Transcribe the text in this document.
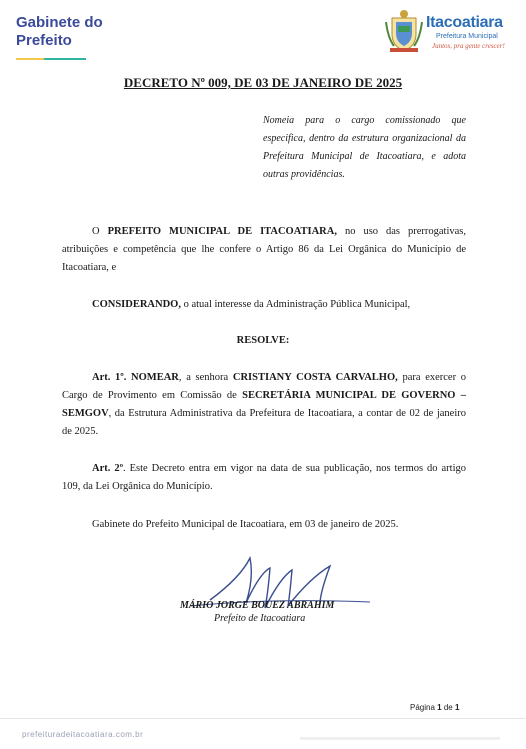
Gabinete do
Prefeito
Itacoatiara
Prefeitura Municipal
Juntos, pra gente crescer!
DECRETO Nº 009, DE 03 DE JANEIRO DE 2025
Nomeia para o cargo comissionado que especifica, dentro da estrutura organizacional da Prefeitura Municipal de Itacoatiara, e adota outras providências.
O PREFEITO MUNICIPAL DE ITACOATIARA, no uso das prerrogativas, atribuições e competência que lhe confere o Artigo 86 da Lei Orgânica do Município de Itacoatiara, e
CONSIDERANDO, o atual interesse da Administração Pública Municipal,
RESOLVE:
Art. 1º. NOMEAR, a senhora CRISTIANY COSTA CARVALHO, para exercer o Cargo de Provimento em Comissão de SECRETÁRIA MUNICIPAL DE GOVERNO – SEMGOV, da Estrutura Administrativa da Prefeitura de Itacoatiara, a contar de 02 de janeiro de 2025.
Art. 2º. Este Decreto entra em vigor na data de sua publicação, nos termos do artigo 109, da Lei Orgânica do Município.
Gabinete do Prefeito Municipal de Itacoatiara, em 03 de janeiro de 2025.
MÁRIO JORGE BOUEZ ABRAHIM
Prefeito de Itacoatiara
Página 1 de 1
prefeituradeitacoatiara.com.br
